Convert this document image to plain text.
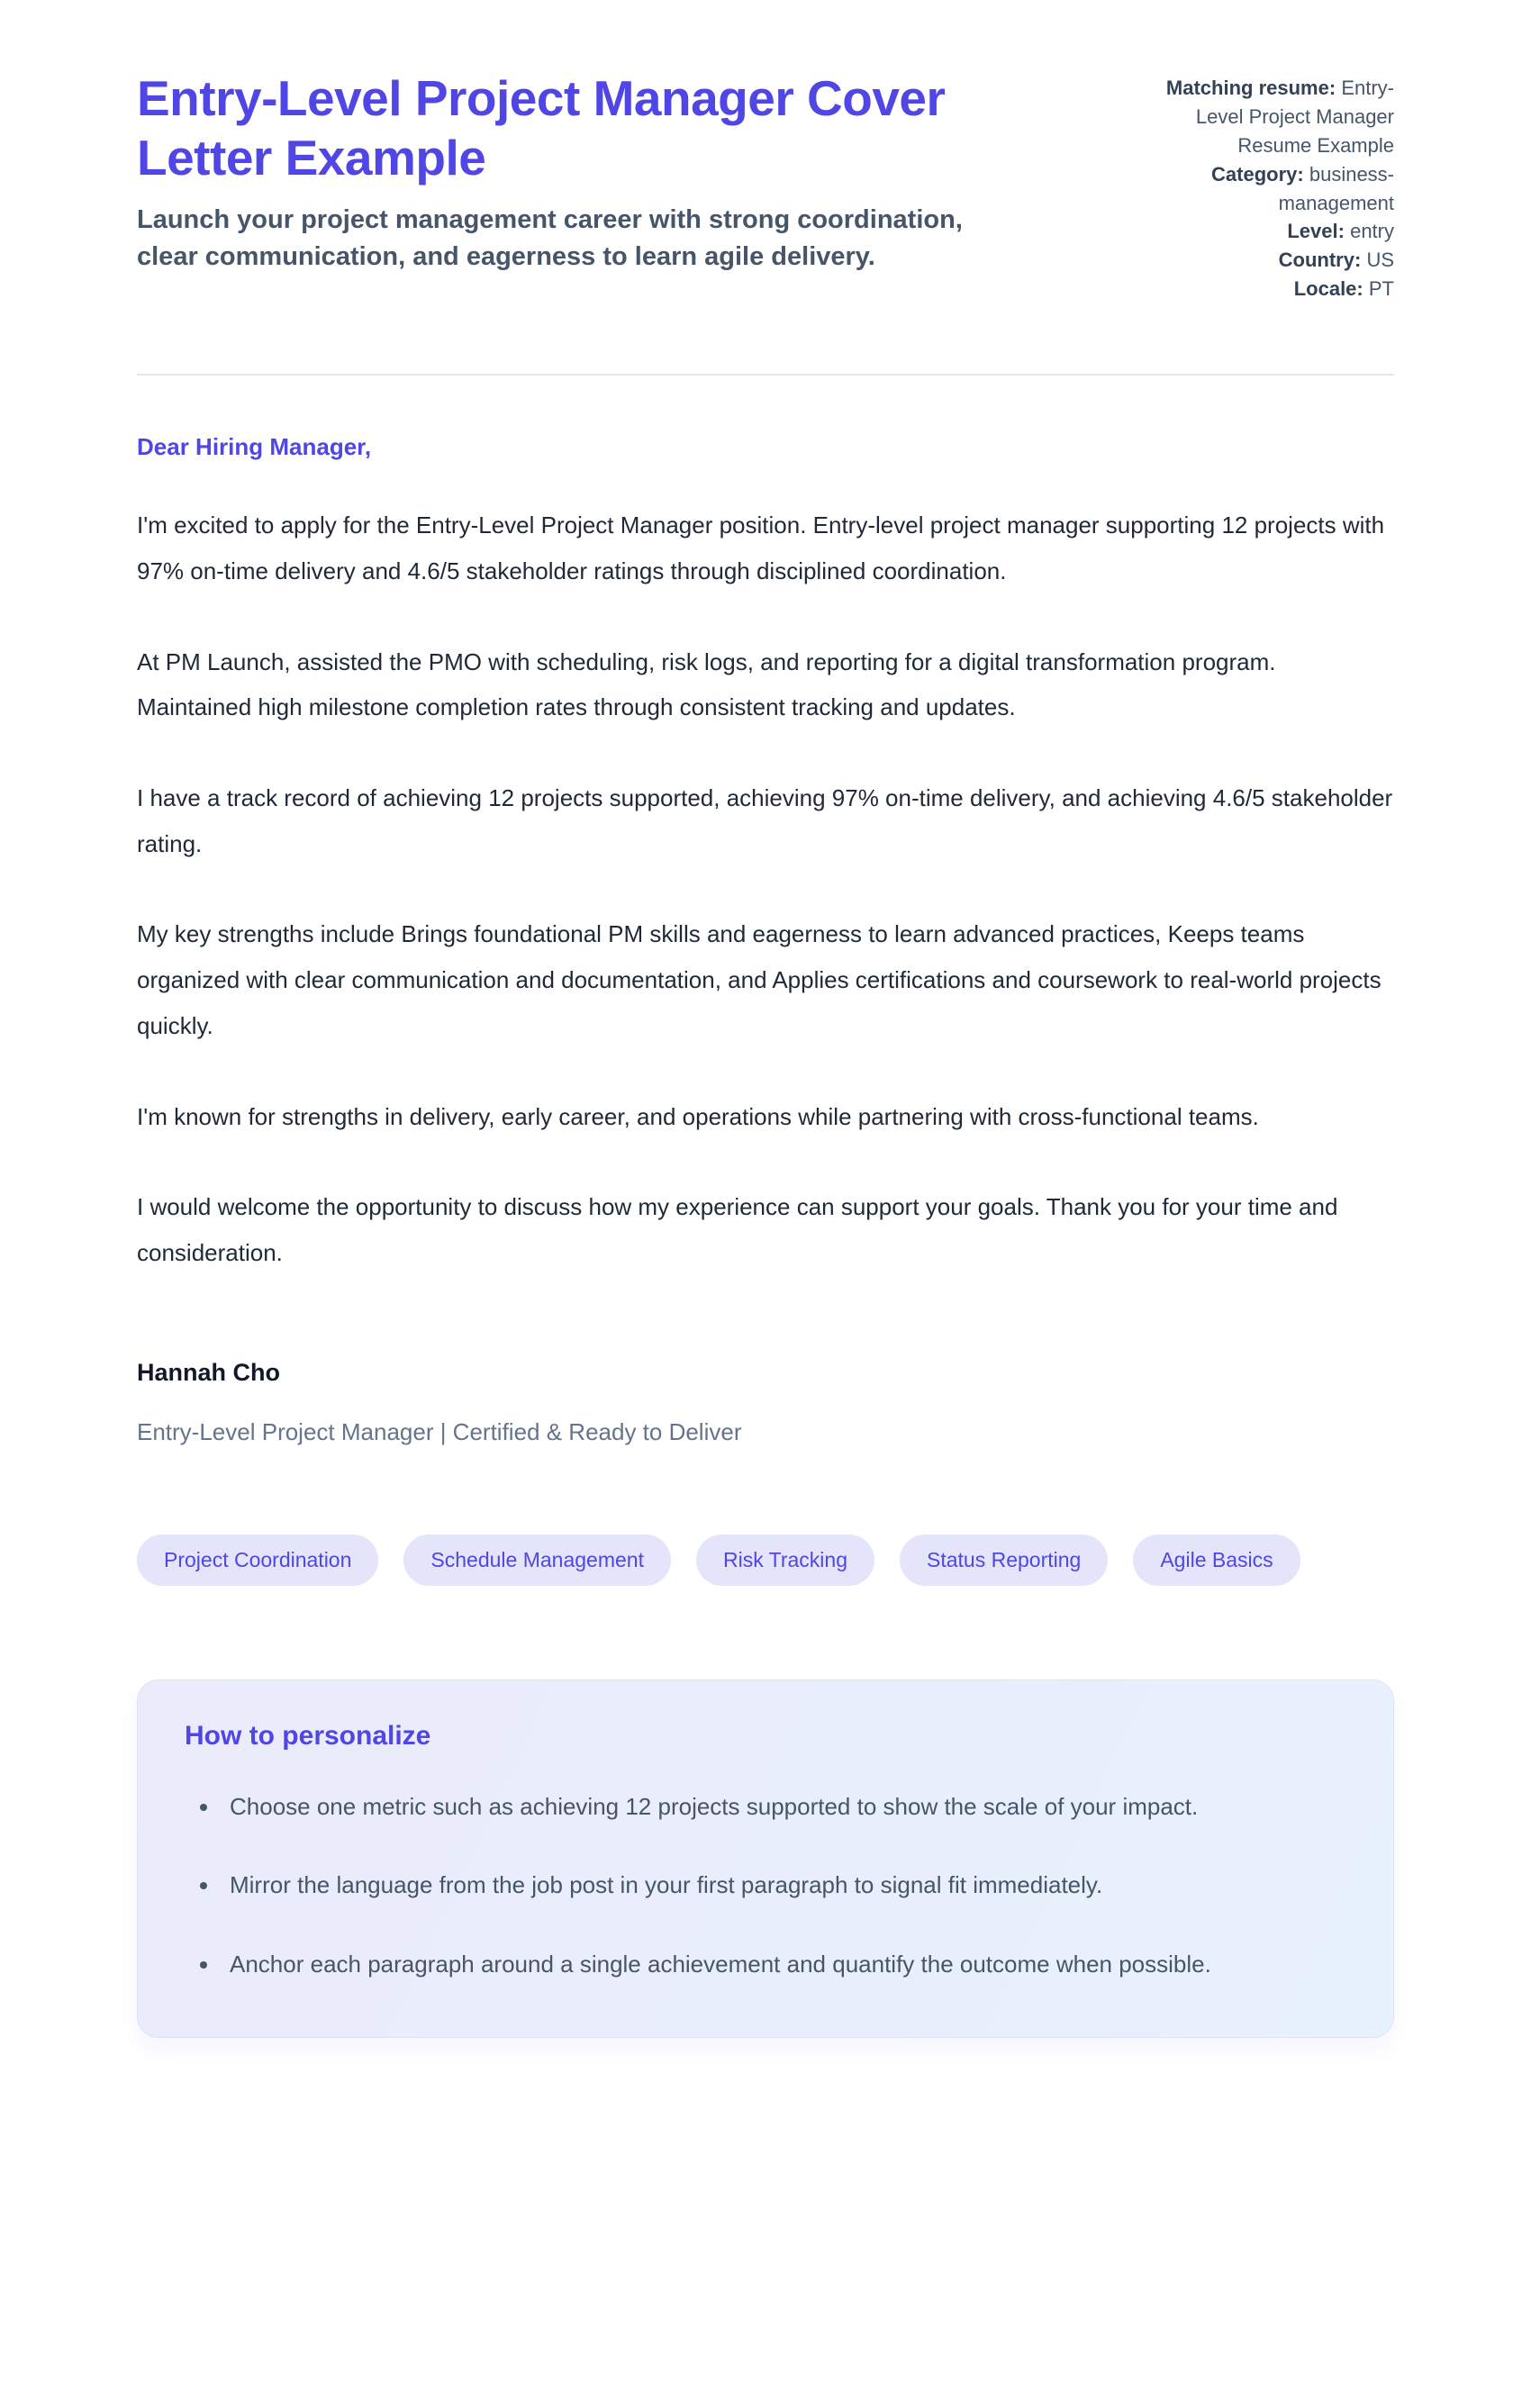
Entry-Level Project Manager Cover Letter Example

Launch your project management career with strong coordination, clear communication, and eagerness to learn agile delivery.

Matching resume: Entry-Level Project Manager Resume Example
Category: business-management
Level: entry
Country: US
Locale: PT

Dear Hiring Manager,

I'm excited to apply for the Entry-Level Project Manager position. Entry-level project manager supporting 12 projects with 97% on-time delivery and 4.6/5 stakeholder ratings through disciplined coordination.

At PM Launch, assisted the PMO with scheduling, risk logs, and reporting for a digital transformation program. Maintained high milestone completion rates through consistent tracking and updates.

I have a track record of achieving 12 projects supported, achieving 97% on-time delivery, and achieving 4.6/5 stakeholder rating.

My key strengths include Brings foundational PM skills and eagerness to learn advanced practices, Keeps teams organized with clear communication and documentation, and Applies certifications and coursework to real-world projects quickly.

I'm known for strengths in delivery, early career, and operations while partnering with cross-functional teams.

I would welcome the opportunity to discuss how my experience can support your goals. Thank you for your time and consideration.

Hannah Cho

Entry-Level Project Manager | Certified & Ready to Deliver

Project Coordination	Schedule Management	Risk Tracking	Status Reporting	Agile Basics
How to personalize
• Choose one metric such as achieving 12 projects supported to show the scale of your impact.
• Mirror the language from the job post in your first paragraph to signal fit immediately.
• Anchor each paragraph around a single achievement and quantify the outcome when possible.
